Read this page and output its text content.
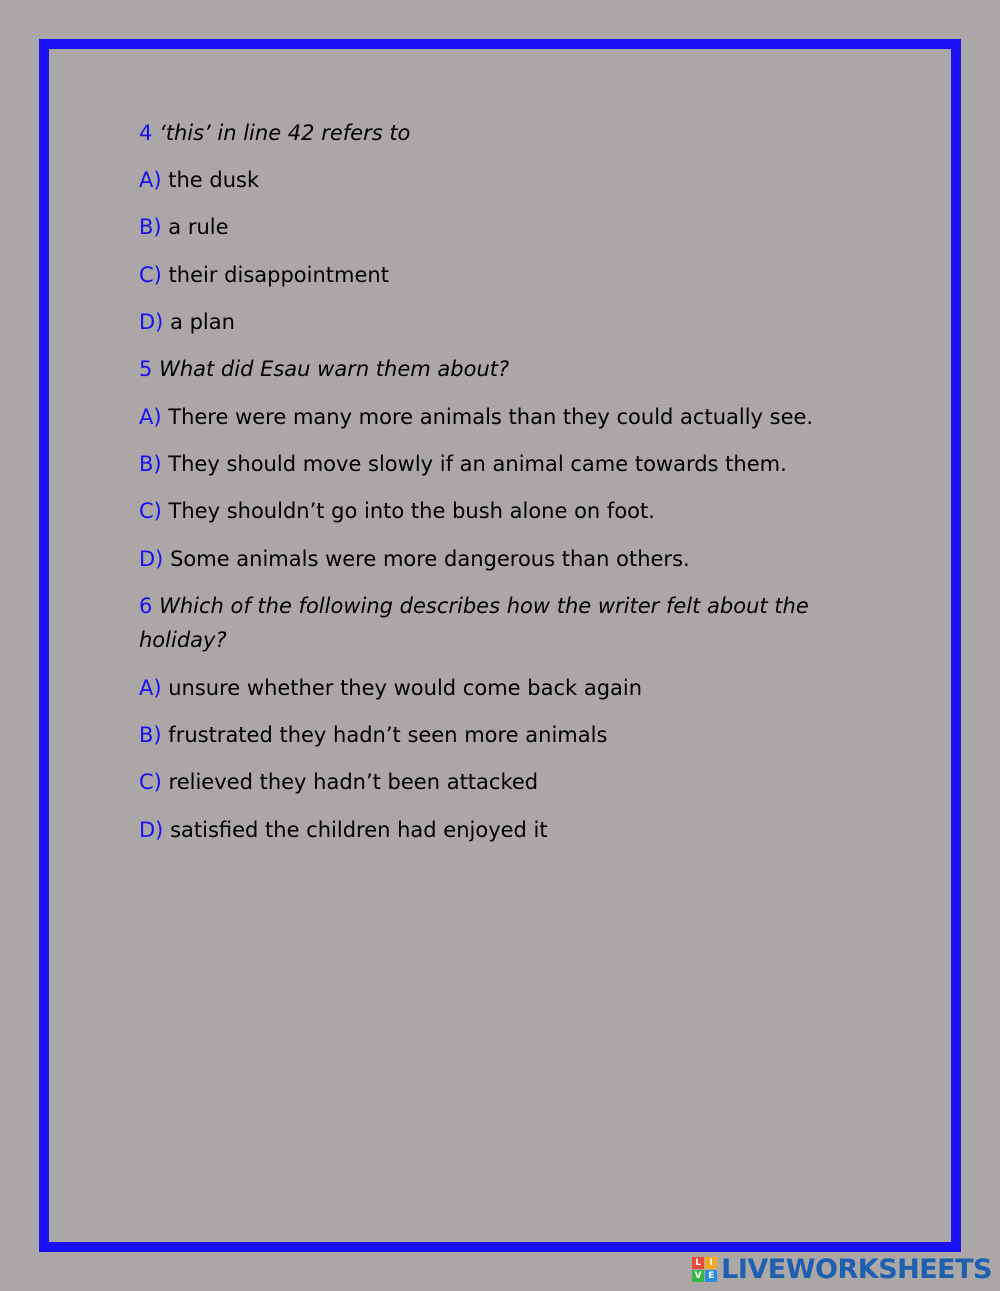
4 ‘this’ in line 42 refers to
A) the dusk
B) a rule
C) their disappointment
D) a plan
5 What did Esau warn them about?
A) There were many more animals than they could actually see.
B) They should move slowly if an animal came towards them.
C) They shouldn’t go into the bush alone on foot.
D) Some animals were more dangerous than others.
6 Which of the following describes how the writer felt about the holiday?
A) unsure whether they would come back again
B) frustrated they hadn’t seen more animals
C) relieved they hadn’t been attacked
D) satisfied the children had enjoyed it
L I
V E LIVEWORKSHEETS
